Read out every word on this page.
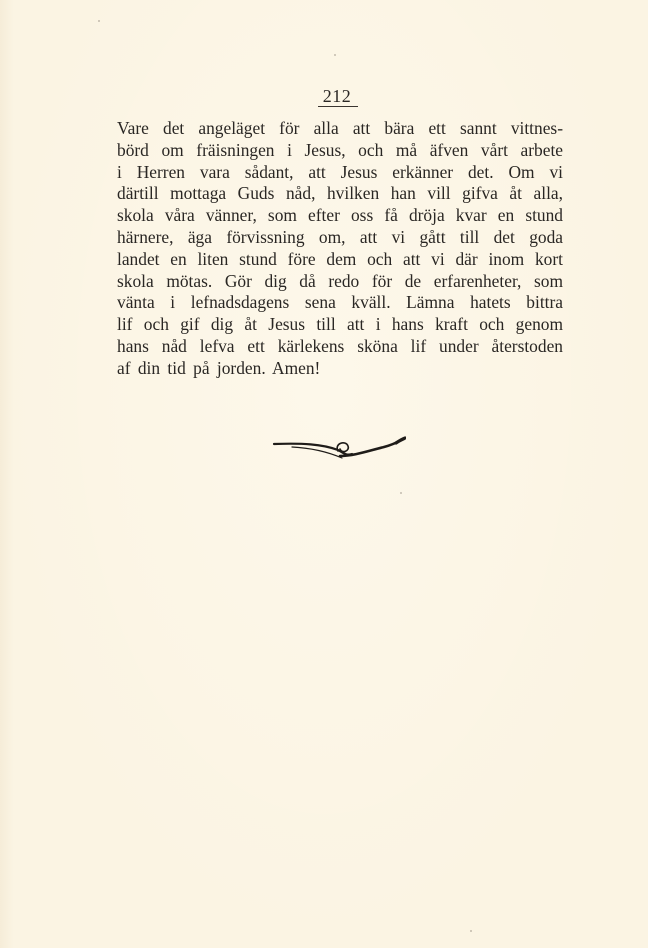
212
Vare det angeläget för alla att bära ett sannt vittnes-
börd om fräisningen i Jesus, och må äfven vårt arbete
i Herren vara sådant, att Jesus erkänner det. Om vi
därtill mottaga Guds nåd, hvilken han vill gifva åt alla,
skola våra vänner, som efter oss få dröja kvar en stund
härnere, äga förvissning om, att vi gått till det goda
landet en liten stund före dem och att vi där inom kort
skola mötas. Gör dig då redo för de erfarenheter, som
vänta i lefnadsdagens sena kväll. Lämna hatets bittra
lif och gif dig åt Jesus till att i hans kraft och genom
hans nåd lefva ett kärlekens sköna lif under återstoden
af din tid på jorden. Amen!
